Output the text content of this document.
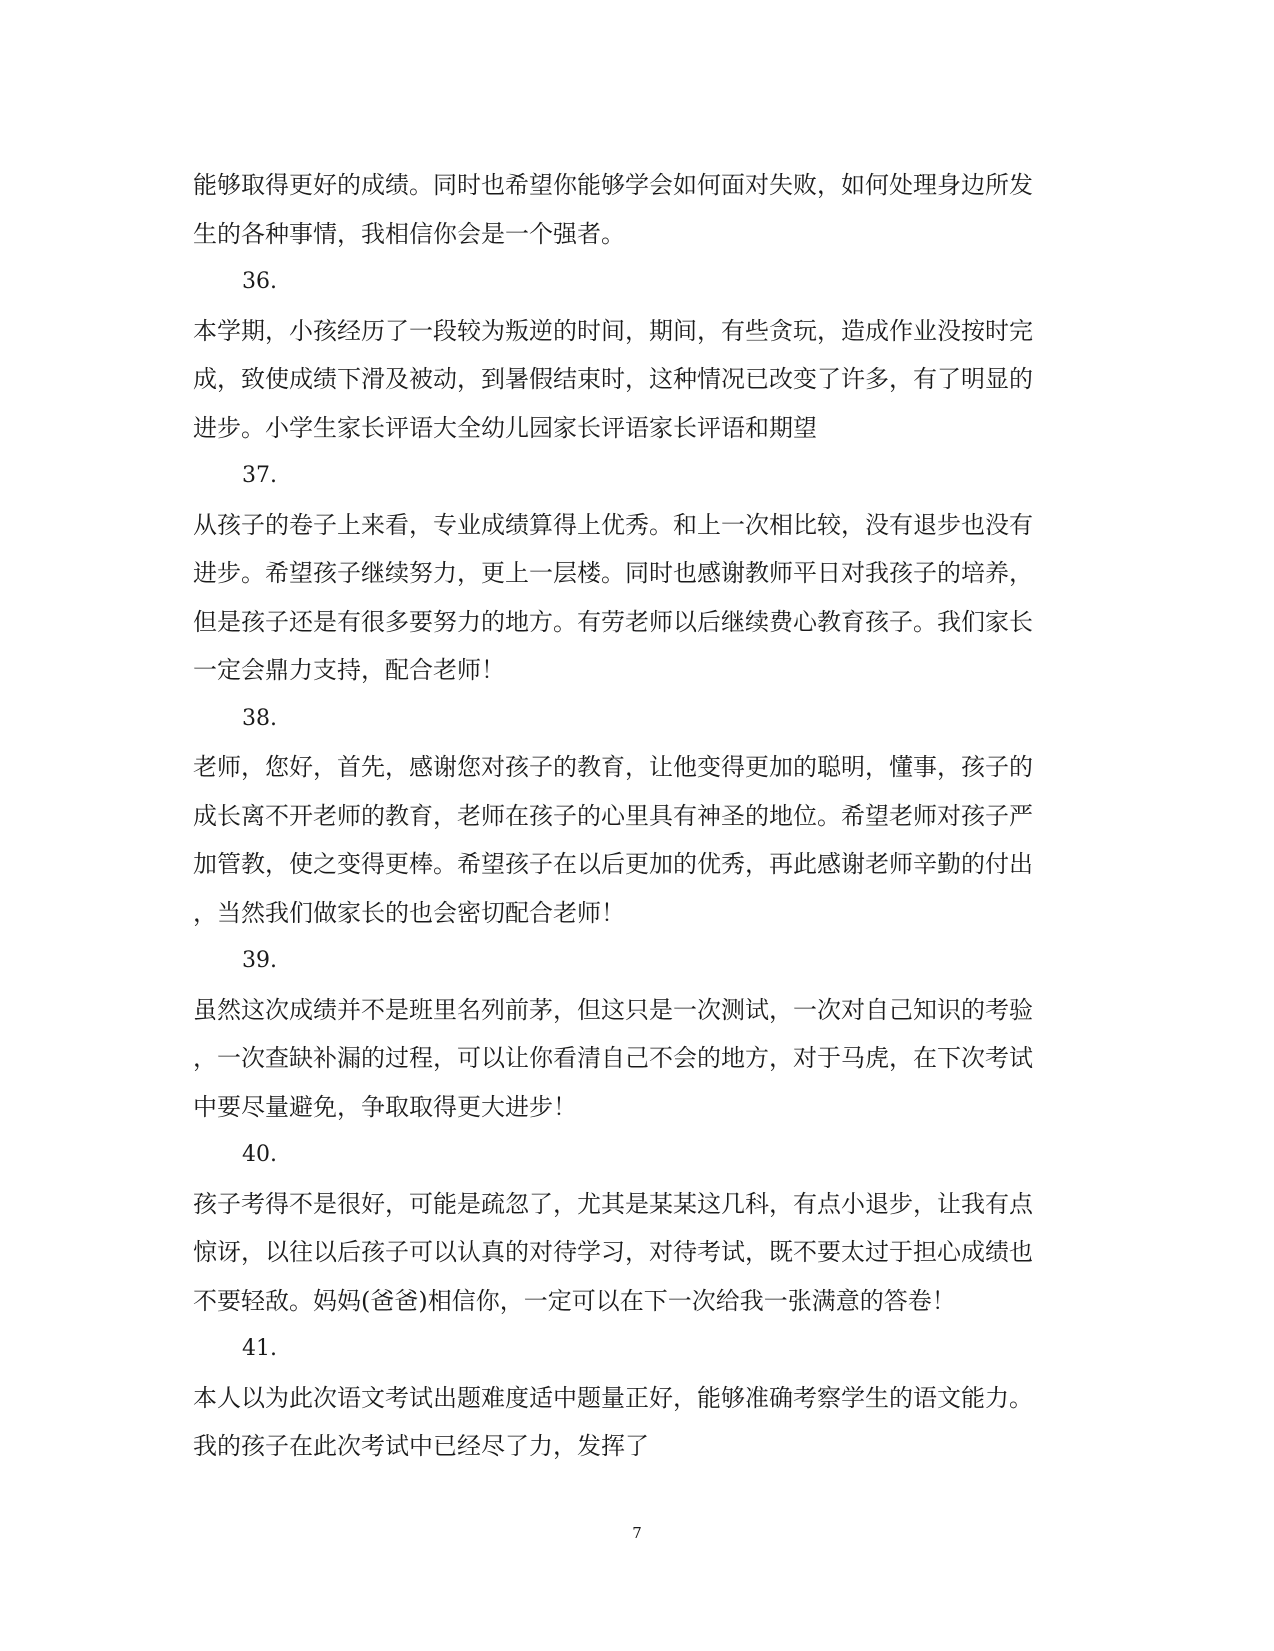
能够取得更好的成绩。同时也希望你能够学会如何面对失败，如何处理身边所发
生的各种事情，我相信你会是一个强者。

36.

本学期，小孩经历了一段较为叛逆的时间，期间，有些贪玩，造成作业没按时完
成，致使成绩下滑及被动，到暑假结束时，这种情况已改变了许多，有了明显的
进步。小学生家长评语大全幼儿园家长评语家长评语和期望

37.

从孩子的卷子上来看，专业成绩算得上优秀。和上一次相比较，没有退步也没有
进步。希望孩子继续努力，更上一层楼。同时也感谢教师平日对我孩子的培养，
但是孩子还是有很多要努力的地方。有劳老师以后继续费心教育孩子。我们家长
一定会鼎力支持，配合老师！

38.

老师，您好，首先，感谢您对孩子的教育，让他变得更加的聪明，懂事，孩子的
成长离不开老师的教育，老师在孩子的心里具有神圣的地位。希望老师对孩子严
加管教，使之变得更棒。希望孩子在以后更加的优秀，再此感谢老师辛勤的付出
，当然我们做家长的也会密切配合老师！

39.

虽然这次成绩并不是班里名列前茅，但这只是一次测试，一次对自己知识的考验
，一次查缺补漏的过程，可以让你看清自己不会的地方，对于马虎，在下次考试
中要尽量避免，争取取得更大进步！

40.

孩子考得不是很好，可能是疏忽了，尤其是某某这几科，有点小退步，让我有点
惊讶，以往以后孩子可以认真的对待学习，对待考试，既不要太过于担心成绩也
不要轻敌。妈妈(爸爸)相信你，一定可以在下一次给我一张满意的答卷！

41.

本人以为此次语文考试出题难度适中题量正好，能够准确考察学生的语文能力。
我的孩子在此次考试中已经尽了力，发挥了

7
